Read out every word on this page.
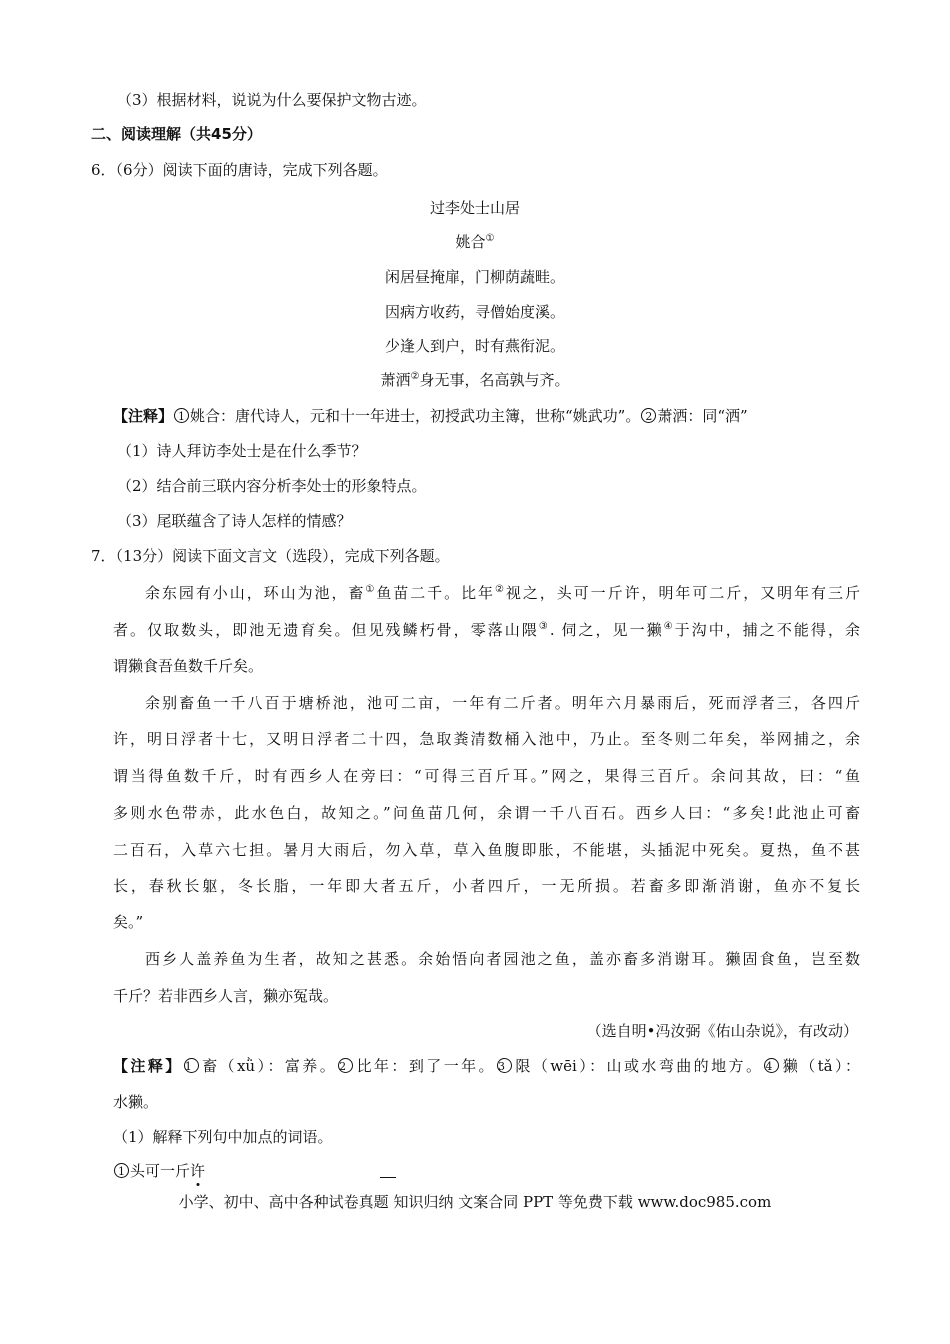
（3）根据材料，说说为什么要保护文物古迹。
二、阅读理解（共45分）
6．（6分）阅读下面的唐诗，完成下列各题。
过李处士山居
姚合①
闲居昼掩扉，门柳荫蔬畦。
因病方收药，寻僧始度溪。
少逢人到户，时有燕衔泥。
萧洒②身无事，名高孰与齐。
【注释】 1 姚合：唐代诗人，元和十一年进士，初授武功主簿，世称“姚武功”。 2 萧洒：同“洒”
（1）诗人拜访李处士是在什么季节？
（2）结合前三联内容分析李处士的形象特点。
（3）尾联蕴含了诗人怎样的情感？
7．（13分）阅读下面文言文（选段），完成下列各题。
余东园有小山，环山为池，畜①鱼苗二千。比年②视之，头可一斤许，明年可二斤，又明年有三斤
者。仅取数头，即池无遗育矣。但见残鳞朽骨，零落山隈③. 伺之，见一獭④于沟中，捕之不能得，余
谓獭食吾鱼数千斤矣。
余别畜鱼一千八百于塘桥池，池可二亩，一年有二斤者。明年六月暴雨后，死而浮者三，各四斤
许，明日浮者十七，又明日浮者二十四，急取粪清数桶入池中，乃止。至冬则二年矣，举网捕之，余
谓当得鱼数千斤，时有西乡人在旁曰：“可得三百斤耳。”网之，果得三百斤。余问其故，曰：“鱼
多则水色带赤，此水色白，故知之。”问鱼苗几何，余谓一千八百石。西乡人曰：“多矣!此池止可畜
二百石，入草六七担。暑月大雨后，勿入草，草入鱼腹即胀，不能堪，头插泥中死矣。夏热，鱼不甚
长，春秋长躯，冬长脂，一年即大者五斤，小者四斤，一无所损。若畜多即渐消谢，鱼亦不复长
矣。”
西乡人盖养鱼为生者，故知之甚悉。余始悟向者园池之鱼，盖亦畜多消谢耳。獭固食鱼，岂至数
千斤？若非西乡人言，獭亦冤哉。
（选自明•冯汝弼《佑山杂说》，有改动）
【注释】 1 畜（xǜ）：富养。 2 比年：到了一年。 3 限（wēi）：山或水弯曲的地方。 4 獭（tǎ）：
水獭。
（1）解释下列句中加点的词语。
1 头可一斤许
小学、初中、高中各种试卷真题 知识归纳 文案合同 PPT 等免费下载 www.doc985.com
